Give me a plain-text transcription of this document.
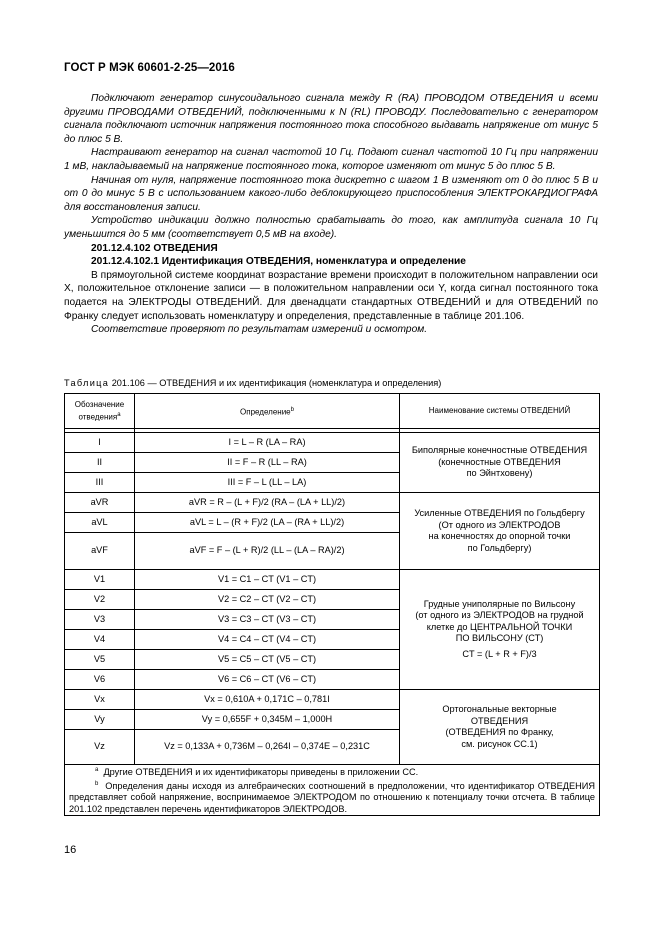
ГОСТ Р МЭК 60601-2-25—2016

Подключают генератор синусоидального сигнала между R (RA) ПРОВОДОМ ОТВЕДЕНИЯ и всеми другими ПРОВОДАМИ ОТВЕДЕНИЙ, подключенными к N (RL) ПРОВОДУ. Последовательно с генератором сигнала подключают источник напряжения постоянного тока способного выдавать напряжение от минус 5 до плюс 5 В.

Настраивают генератор на сигнал частотой 10 Гц. Подают сигнал частотой 10 Гц при напряжении 1 мВ, накладываемый на напряжение постоянного тока, которое изменяют от минус 5 до плюс 5 В.

Начиная от нуля, напряжение постоянного тока дискретно с шагом 1 В изменяют от 0 до плюс 5 В и от 0 до минус 5 В с использованием какого-либо деблокирующего приспособления ЭЛЕКТРОКАРДИОГРАФА для восстановления записи.

Устройство индикации должно полностью срабатывать до того, как амплитуда сигнала 10 Гц уменьшится до 5 мм (соответствует 0,5 мВ на входе).

201.12.4.102 ОТВЕДЕНИЯ

201.12.4.102.1 Идентификация ОТВЕДЕНИЯ, номенклатура и определение

В прямоугольной системе координат возрастание времени происходит в положительном направлении оси X, положительное отклонение записи — в положительном направлении оси Y, когда сигнал постоянного тока подается на ЭЛЕКТРОДЫ ОТВЕДЕНИЙ. Для двенадцати стандартных ОТВЕДЕНИЙ и для ОТВЕДЕНИЙ по Франку следует использовать номенклатуру и определения, представленные в таблице 201.106.

Соответствие проверяют по результатам измерений и осмотром.

Таблица 201.106 — ОТВЕДЕНИЯ и их идентификация (номенклатура и определения)
Обозначение отведения$^a$	Определение$^b$	Наименование системы ОТВЕДЕНИЙ

I	I = L – R (LA – RA)	Биполярные конечностные ОТВЕДЕНИЯ
(конечностные ОТВЕДЕНИЯ
по Эйнтховену)

II	II = F – R (LL – RA)	
III	III = F – L (LL – LA)	
aVR	aVR = R – (L + F)/2 (RA – (LA + LL)/2)	Усиленные ОТВЕДЕНИЯ по Гольдбергу
(От одного из ЭЛЕКТРОДОВ
на конечностях до опорной точки
по Гольдбергу)

aVL	aVL = L – (R + F)/2 (LA – (RA + LL)/2)	
aVF	aVF = F – (L + R)/2 (LL – (LA – RA)/2)	
V1	V1 = C1 – CT (V1 – CT)	Грудные униполярные по Вильсону
(от одного из ЭЛЕКТРОДОВ на грудной
клетке до ЦЕНТРАЛЬНОЙ ТОЧКИ
ПО ВИЛЬСОНУ (СТ)
CT = (L + R + F)/3

V2	V2 = C2 – CT (V2 – CT)	
V3	V3 = C3 – CT (V3 – CT)	
V4	V4 = C4 – CT (V4 – CT)	
V5	V5 = C5 – CT (V5 – CT)	
V6	V6 = C6 – CT (V6 – CT)	
Vx	Vx = 0,610A + 0,171C – 0,781I	Ортогональные векторные
ОТВЕДЕНИЯ
(ОТВЕДЕНИЯ по Франку,
см. рисунок СС.1)

Vy	Vy = 0,655F + 0,345M – 1,000H	
Vz	Vz = 0,133A + 0,736M – 0,264I – 0,374E – 0,231C	

$^a$ Другие ОТВЕДЕНИЯ и их идентификаторы приведены в приложении СС.
$^b$ Определения даны исходя из алгебраических соотношений в предположении, что идентификатор ОТВЕДЕНИЯ представляет собой напряжение, воспринимаемое ЭЛЕКТРОДОМ по отношению к потенциалу точки отсчета. В таблице 201.102 представлен перечень идентификаторов ЭЛЕКТРОДОВ.		
16
